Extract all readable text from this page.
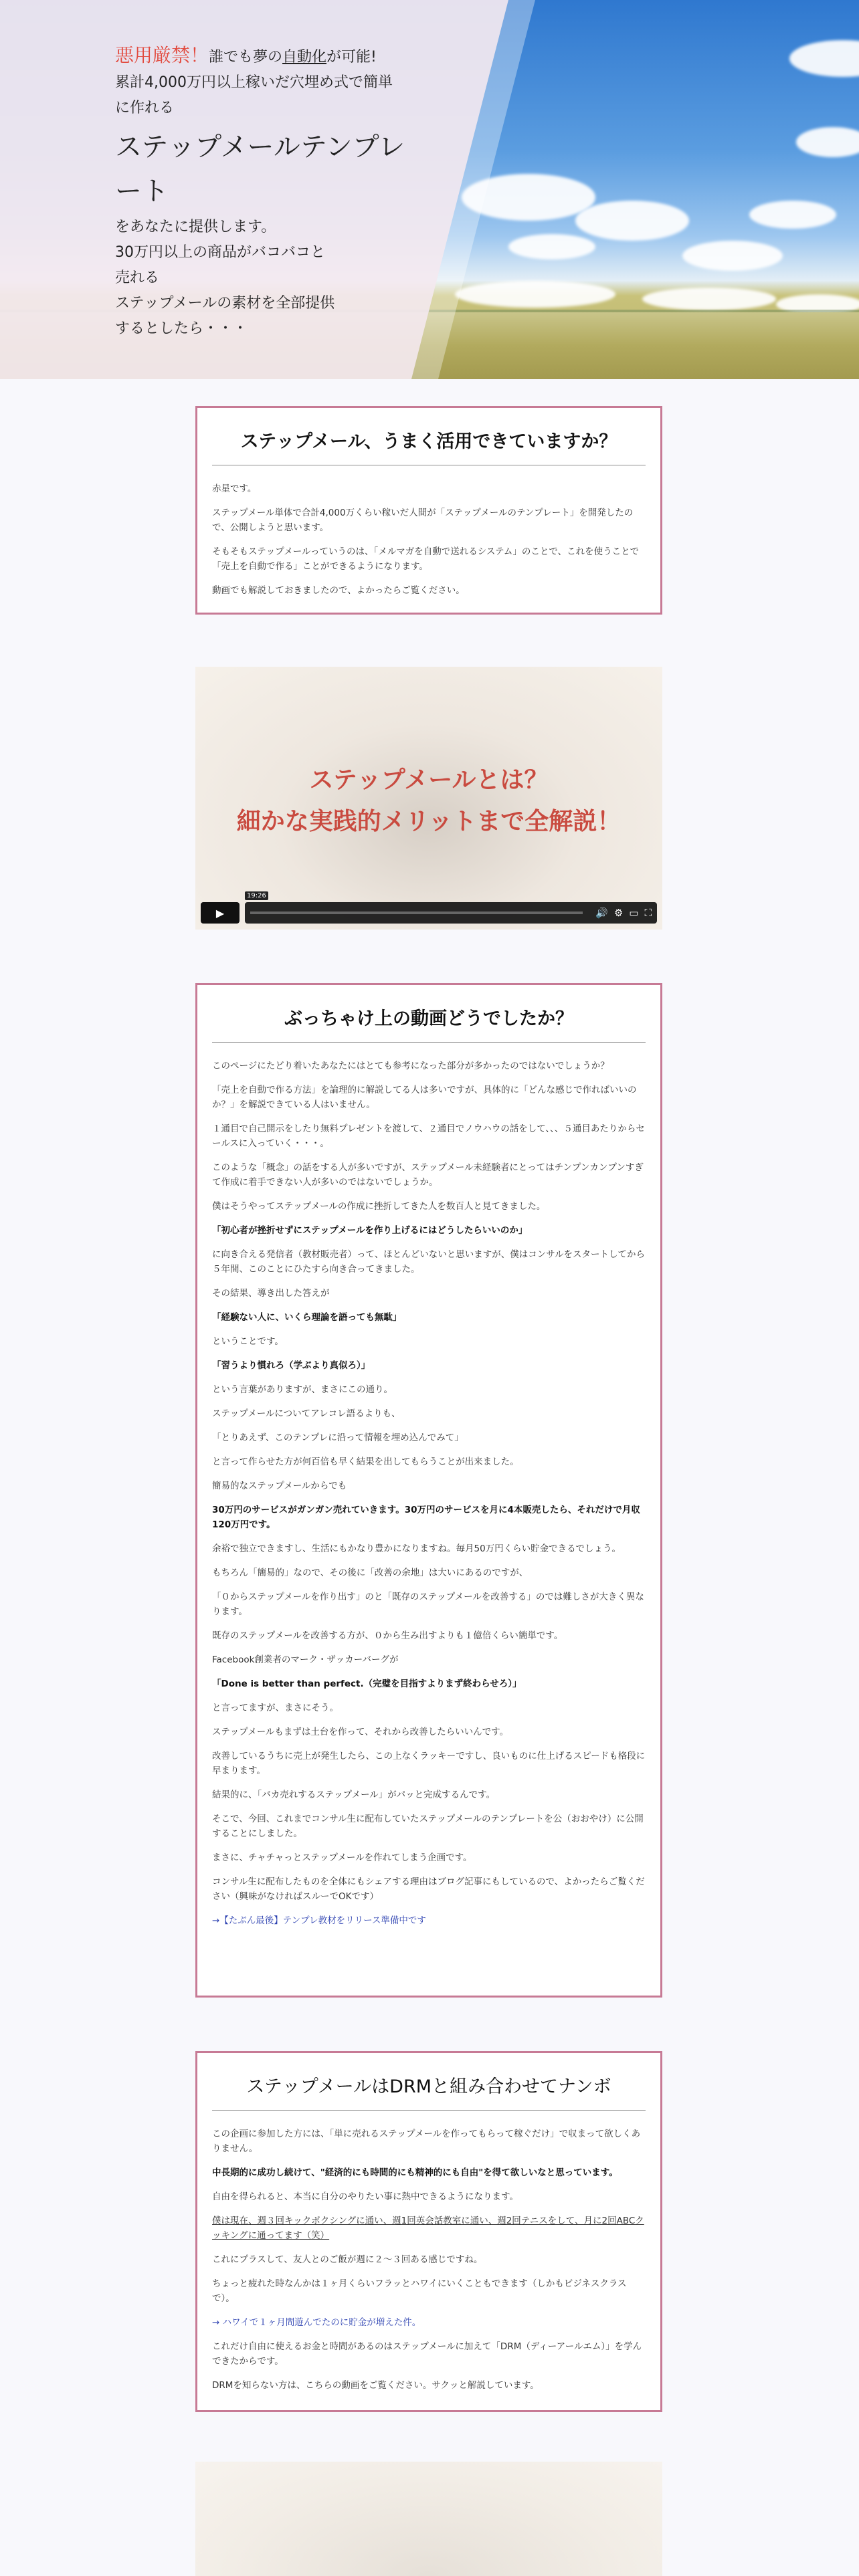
悪用厳禁！誰でも夢の自動化が可能!
累計4,000万円以上稼いだ穴埋め式で簡単
に作れる
ステップメールテンプレ
ート
をあなたに提供します。
30万円以上の商品がバコバコと
売れる
ステップメールの素材を全部提供
するとしたら・・・
ステップメール、うまく活用できていますか？

赤星です。

ステップメール単体で合計4,000万くらい稼いだ人間が「ステップメールのテンプレート」を開発したので、公開しようと思います。

そもそもステップメールっていうのは、「メルマガを自動で送れるシステム」のことで、これを使うことで「売上を自動で作る」ことができるようになります。

動画でも解説しておきましたので、よかったらご覧ください。

ステップメールとは？
細かな実践的メリットまで全解説！
▶
19:26
🔊 ⚙ ▭ ⛶
ぶっちゃけ上の動画どうでしたか？

このページにたどり着いたあなたにはとても参考になった部分が多かったのではないでしょうか？

「売上を自動で作る方法」を論理的に解説してる人は多いですが、具体的に「どんな感じで作ればいいのか？」を解説できている人はいません。

１通目で自己開示をしたり無料プレゼントを渡して、２通目でノウハウの話をして、、、５通目あたりからセールスに入っていく・・・。

このような「概念」の話をする人が多いですが、ステップメール未経験者にとってはチンプンカンプンすぎて作成に着手できない人が多いのではないでしょうか。

僕はそうやってステップメールの作成に挫折してきた人を数百人と見てきました。

「初心者が挫折せずにステップメールを作り上げるにはどうしたらいいのか」

に向き合える発信者（教材販売者）って、ほとんどいないと思いますが、僕はコンサルをスタートしてから５年間、このことにひたすら向き合ってきました。

その結果、導き出した答えが

「経験ない人に、いくら理論を語っても無駄」

ということです。

「習うより慣れろ（学ぶより真似ろ）」

という言葉がありますが、まさにこの通り。

ステップメールについてアレコレ語るよりも、

「とりあえず、このテンプレに沿って情報を埋め込んでみて」

と言って作らせた方が何百倍も早く結果を出してもらうことが出来ました。

簡易的なステップメールからでも

30万円のサービスがガンガン売れていきます。30万円のサービスを月に4本販売したら、それだけで月収120万円です。

余裕で独立できますし、生活にもかなり豊かになりますね。毎月50万円くらい貯金できるでしょう。

もちろん「簡易的」なので、その後に「改善の余地」は大いにあるのですが、

「０からステップメールを作り出す」のと「既存のステップメールを改善する」のでは難しさが大きく異なります。

既存のステップメールを改善する方が、０から生み出すよりも１億倍くらい簡単です。

Facebook創業者のマーク・ザッカーバーグが

「Done is better than perfect.（完璧を目指すよりまず終わらせろ）」

と言ってますが、まさにそう。

ステップメールもまずは土台を作って、それから改善したらいいんです。

改善しているうちに売上が発生したら、この上なくラッキーですし、良いものに仕上げるスピードも格段に早まります。

結果的に、「バカ売れするステップメール」がパッと完成するんです。

そこで、今回、これまでコンサル生に配布していたステップメールのテンプレートを公（おおやけ）に公開することにしました。

まさに、チャチャっとステップメールを作れてしまう企画です。

コンサル生に配布したものを全体にもシェアする理由はブログ記事にもしているので、よかったらご覧ください（興味がなければスルーでOKです）

→【たぶん最後】テンプレ教材をリリース準備中です

ステップメールはDRMと組み合わせてナンボ

この企画に参加した方には、「単に売れるステップメールを作ってもらって稼ぐだけ」で収まって欲しくありません。

中長期的に成功し続けて、"経済的にも時間的にも精神的にも自由"を得て欲しいなと思っています。

自由を得られると、本当に自分のやりたい事に熱中できるようになります。

僕は現在、週３回キックボクシングに通い、週1回英会話教室に通い、週2回テニスをして、月に2回ABCクッキングに通ってます（笑）

これにプラスして、友人とのご飯が週に２〜３回ある感じですね。

ちょっと疲れた時なんかは１ヶ月くらいフラッとハワイにいくこともできます（しかもビジネスクラスで）。

→ ハワイで１ヶ月間遊んでたのに貯金が増えた件。

これだけ自由に使えるお金と時間があるのはステップメールに加えて「DRM（ディーアールエム）」を学んできたからです。

DRMを知らない方は、こちらの動画をご覧ください。サクッと解説しています。
